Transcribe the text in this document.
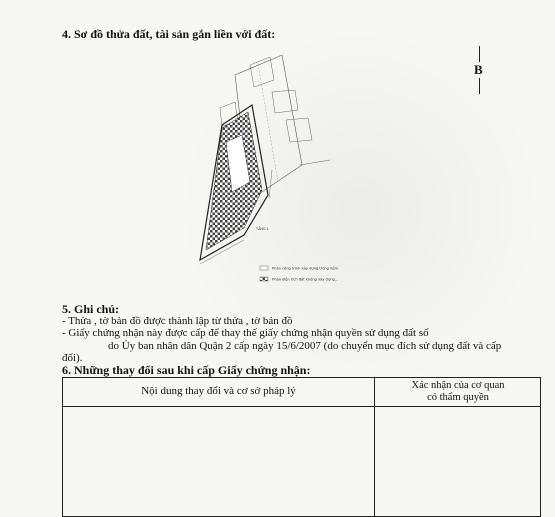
4. Sơ đồ thửa đất, tài sản gắn liền với đất:
B
TẦNG 1
Phần công trình xây dựng trong hẻm
Phần diện tích đất không xây dựng...
5. Ghi chú:
- Thửa , tờ bản đồ được thành lập từ thửa , tờ bản đồ
- Giấy chứng nhận này được cấp để thay thế giấy chứng nhận quyền sử dụng đất số
do Ủy ban nhân dân Quận 2 cấp ngày 15/6/2007 (do chuyển mục đích sử dụng đất và cấp
đổi).
6. Những thay đổi sau khi cấp Giấy chứng nhận:
Nội dung thay đổi và cơ sở pháp lý	Xác nhận của cơ quan
có thẩm quyền
